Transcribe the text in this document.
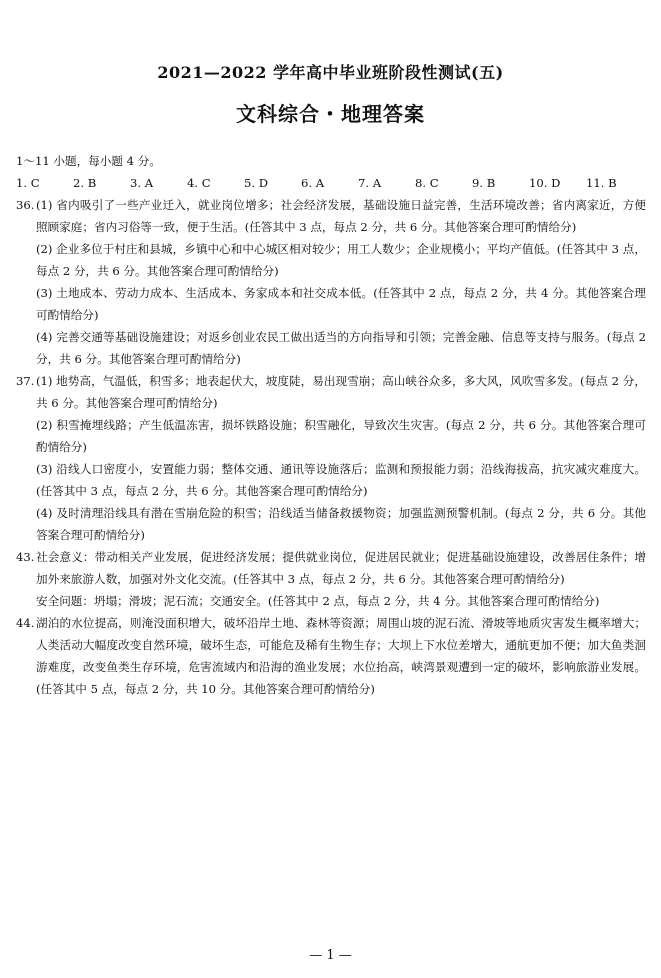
2021—2022 学年高中毕业班阶段性测试(五)
文科综合・地理答案

1～11 小题，每小题 4 分。

1. C	2. B	3. A	4. C	5. D	6. A	7. A	8. C	9. B	10. D	11. B
36. (1) 省内吸引了一些产业迁入，就业岗位增多；社会经济发展，基础设施日益完善，生活环境改善；省内离家近，方便照顾家庭；省内习俗等一致，便于生活。(任答其中 3 点，每点 2 分，共 6 分。其他答案合理可酌情给分)

(2) 企业多位于村庄和县城，乡镇中心和中心城区相对较少；用工人数少；企业规模小；平均产值低。(任答其中 3 点，每点 2 分，共 6 分。其他答案合理可酌情给分)

(3) 土地成本、劳动力成本、生活成本、务家成本和社交成本低。(任答其中 2 点，每点 2 分，共 4 分。其他答案合理可酌情给分)

(4) 完善交通等基础设施建设；对返乡创业农民工做出适当的方向指导和引领；完善金融、信息等支持与服务。(每点 2 分，共 6 分。其他答案合理可酌情给分)

37. (1) 地势高，气温低，积雪多；地表起伏大，坡度陡，易出现雪崩；高山峡谷众多，多大风，风吹雪多发。(每点 2 分，共 6 分。其他答案合理可酌情给分)

(2) 积雪掩埋线路；产生低温冻害，损坏铁路设施；积雪融化，导致次生灾害。(每点 2 分，共 6 分。其他答案合理可酌情给分)

(3) 沿线人口密度小，安置能力弱；整体交通、通讯等设施落后；监测和预报能力弱；沿线海拔高，抗灾减灾难度大。(任答其中 3 点，每点 2 分，共 6 分。其他答案合理可酌情给分)

(4) 及时清理沿线具有潜在雪崩危险的积雪；沿线适当储备救援物资；加强监测预警机制。(每点 2 分，共 6 分。其他答案合理可酌情给分)

43. 社会意义：带动相关产业发展，促进经济发展；提供就业岗位，促进居民就业；促进基础设施建设，改善居住条件；增加外来旅游人数，加强对外文化交流。(任答其中 3 点，每点 2 分，共 6 分。其他答案合理可酌情给分)

安全问题：坍塌；滑坡；泥石流；交通安全。(任答其中 2 点，每点 2 分，共 4 分。其他答案合理可酌情给分)

44. 湖泊的水位提高，则淹没面积增大，破坏沿岸土地、森林等资源；周围山坡的泥石流、滑坡等地质灾害发生概率增大；人类活动大幅度改变自然环境，破坏生态，可能危及稀有生物生存；大坝上下水位差增大，通航更加不便；加大鱼类洄游难度，改变鱼类生存环境，危害流域内和沿海的渔业发展；水位抬高，峡湾景观遭到一定的破坏，影响旅游业发展。(任答其中 5 点，每点 2 分，共 10 分。其他答案合理可酌情给分)

— 1 —
